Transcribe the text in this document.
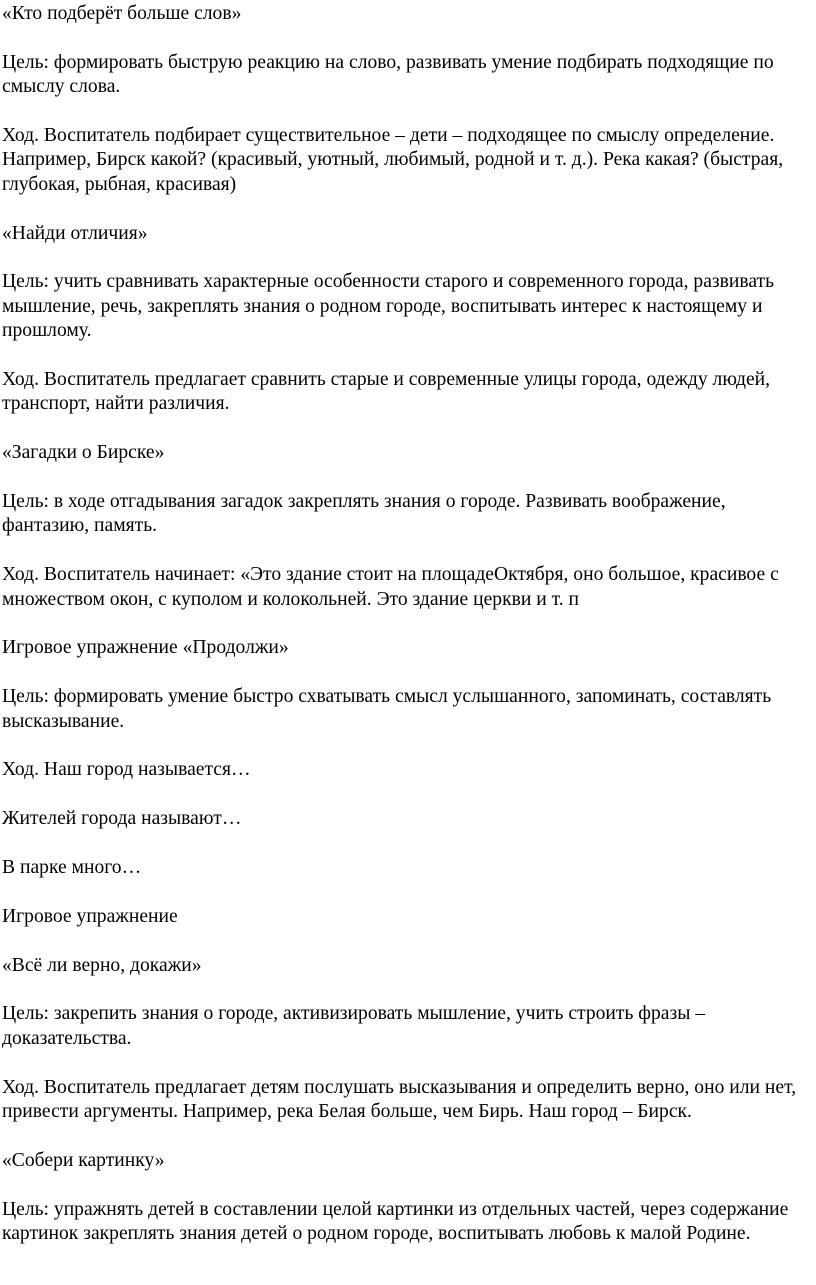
«Кто подберёт больше слов»

Цель: формировать быструю реакцию на слово, развивать умение подбирать подходящие по смыслу слова.

Ход. Воспитатель подбирает существительное – дети – подходящее по смыслу определение. Например, Бирск какой? (красивый, уютный, любимый, родной и т. д.). Река какая? (быстрая, глубокая, рыбная, красивая)

«Найди отличия»

Цель: учить сравнивать характерные особенности старого и современного города, развивать мышление, речь, закреплять знания о родном городе, воспитывать интерес к настоящему и прошлому.

Ход. Воспитатель предлагает сравнить старые и современные улицы города, одежду людей, транспорт, найти различия.

«Загадки о Бирске»

Цель: в ходе отгадывания загадок закреплять знания о городе. Развивать воображение, фантазию, память.

Ход. Воспитатель начинает: «Это здание стоит на площадеОктября, оно большое, красивое с множеством окон, с куполом и колокольней. Это здание церкви и т. п

Игровое упражнение «Продолжи»

Цель: формировать умение быстро схватывать смысл услышанного, запоминать, составлять высказывание.

Ход. Наш город называется…

Жителей города называют…

В парке много…

Игровое упражнение

«Всё ли верно, докажи»

Цель: закрепить знания о городе, активизировать мышление, учить строить фразы – доказательства.

Ход. Воспитатель предлагает детям послушать высказывания и определить верно, оно или нет, привести аргументы. Например, река Белая больше, чем Бирь. Наш город – Бирск.

«Собери картинку»

Цель: упражнять детей в составлении целой картинки из отдельных частей, через содержание картинок закреплять знания детей о родном городе, воспитывать любовь к малой Родине.
